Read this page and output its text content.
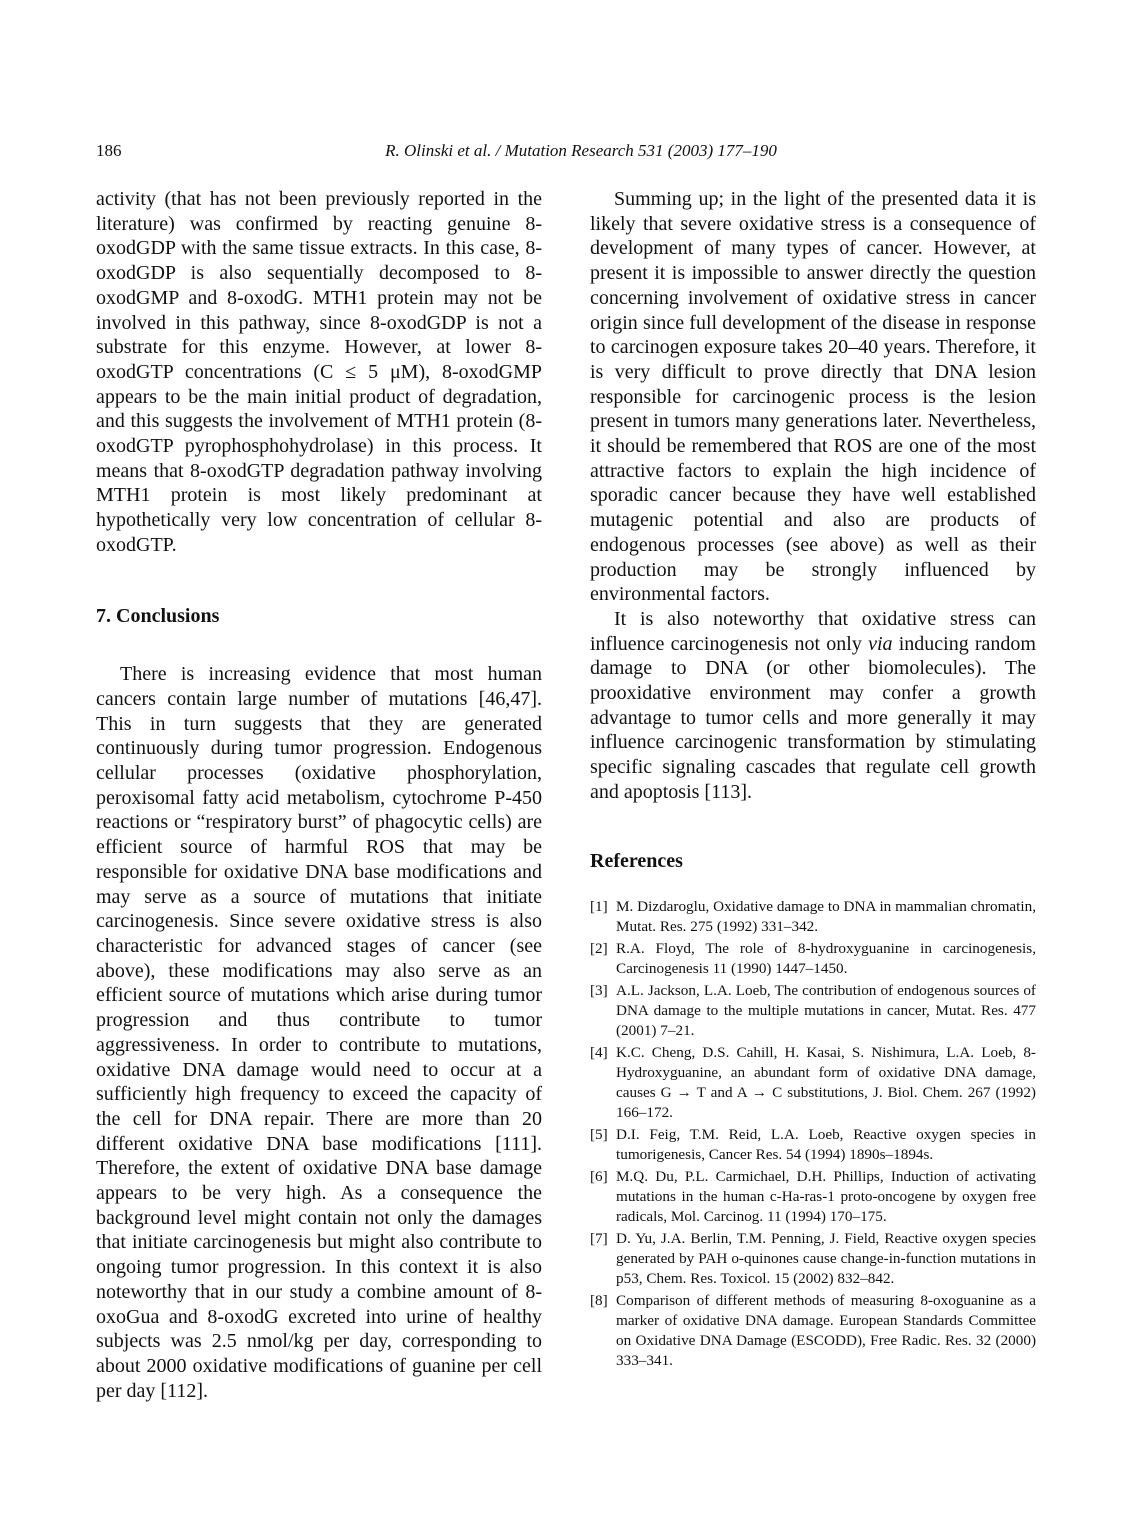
186	R. Olinski et al. / Mutation Research 531 (2003) 177–190

activity (that has not been previously reported in the literature) was confirmed by reacting genuine 8-oxodGDP with the same tissue extracts. In this case, 8-oxodGDP is also sequentially decomposed to 8-oxodGMP and 8-oxodG. MTH1 protein may not be involved in this pathway, since 8-oxodGDP is not a substrate for this enzyme. However, at lower 8-oxodGTP concentrations (C ≤ 5 μM), 8-oxodGMP appears to be the main initial product of degradation, and this suggests the involvement of MTH1 protein (8-oxodGTP pyrophosphohydrolase) in this process. It means that 8-oxodGTP degradation pathway involving MTH1 protein is most likely predominant at hypothetically very low concentration of cellular 8-oxodGTP.

7. Conclusions

There is increasing evidence that most human cancers contain large number of mutations [46,47]. This in turn suggests that they are generated continuously during tumor progression. Endogenous cellular processes (oxidative phosphorylation, peroxisomal fatty acid metabolism, cytochrome P-450 reactions or “respiratory burst” of phagocytic cells) are efficient source of harmful ROS that may be responsible for oxidative DNA base modifications and may serve as a source of mutations that initiate carcinogenesis. Since severe oxidative stress is also characteristic for advanced stages of cancer (see above), these modifications may also serve as an efficient source of mutations which arise during tumor progression and thus contribute to tumor aggressiveness. In order to contribute to mutations, oxidative DNA damage would need to occur at a sufficiently high frequency to exceed the capacity of the cell for DNA repair. There are more than 20 different oxidative DNA base modifications [111]. Therefore, the extent of oxidative DNA base damage appears to be very high. As a consequence the background level might contain not only the damages that initiate carcinogenesis but might also contribute to ongoing tumor progression. In this context it is also noteworthy that in our study a combine amount of 8-oxoGua and 8-oxodG excreted into urine of healthy subjects was 2.5 nmol/kg per day, corresponding to about 2000 oxidative modifications of guanine per cell per day [112].

Summing up; in the light of the presented data it is likely that severe oxidative stress is a consequence of development of many types of cancer. However, at present it is impossible to answer directly the question concerning involvement of oxidative stress in cancer origin since full development of the disease in response to carcinogen exposure takes 20–40 years. Therefore, it is very difficult to prove directly that DNA lesion responsible for carcinogenic process is the lesion present in tumors many generations later. Nevertheless, it should be remembered that ROS are one of the most attractive factors to explain the high incidence of sporadic cancer because they have well established mutagenic potential and also are products of endogenous processes (see above) as well as their production may be strongly influenced by environmental factors.

It is also noteworthy that oxidative stress can influence carcinogenesis not only via inducing random damage to DNA (or other biomolecules). The prooxidative environment may confer a growth advantage to tumor cells and more generally it may influence carcinogenic transformation by stimulating specific signaling cascades that regulate cell growth and apoptosis [113].

References
[1] M. Dizdaroglu, Oxidative damage to DNA in mammalian chromatin, Mutat. Res. 275 (1992) 331–342.
[2] R.A. Floyd, The role of 8-hydroxyguanine in carcinogenesis, Carcinogenesis 11 (1990) 1447–1450.
[3] A.L. Jackson, L.A. Loeb, The contribution of endogenous sources of DNA damage to the multiple mutations in cancer, Mutat. Res. 477 (2001) 7–21.
[4] K.C. Cheng, D.S. Cahill, H. Kasai, S. Nishimura, L.A. Loeb, 8-Hydroxyguanine, an abundant form of oxidative DNA damage, causes G → T and A → C substitutions, J. Biol. Chem. 267 (1992) 166–172.
[5] D.I. Feig, T.M. Reid, L.A. Loeb, Reactive oxygen species in tumorigenesis, Cancer Res. 54 (1994) 1890s–1894s.
[6] M.Q. Du, P.L. Carmichael, D.H. Phillips, Induction of activating mutations in the human c-Ha-ras-1 proto-oncogene by oxygen free radicals, Mol. Carcinog. 11 (1994) 170–175.
[7] D. Yu, J.A. Berlin, T.M. Penning, J. Field, Reactive oxygen species generated by PAH o-quinones cause change-in-function mutations in p53, Chem. Res. Toxicol. 15 (2002) 832–842.
[8] Comparison of different methods of measuring 8-oxoguanine as a marker of oxidative DNA damage. European Standards Committee on Oxidative DNA Damage (ESCODD), Free Radic. Res. 32 (2000) 333–341.
